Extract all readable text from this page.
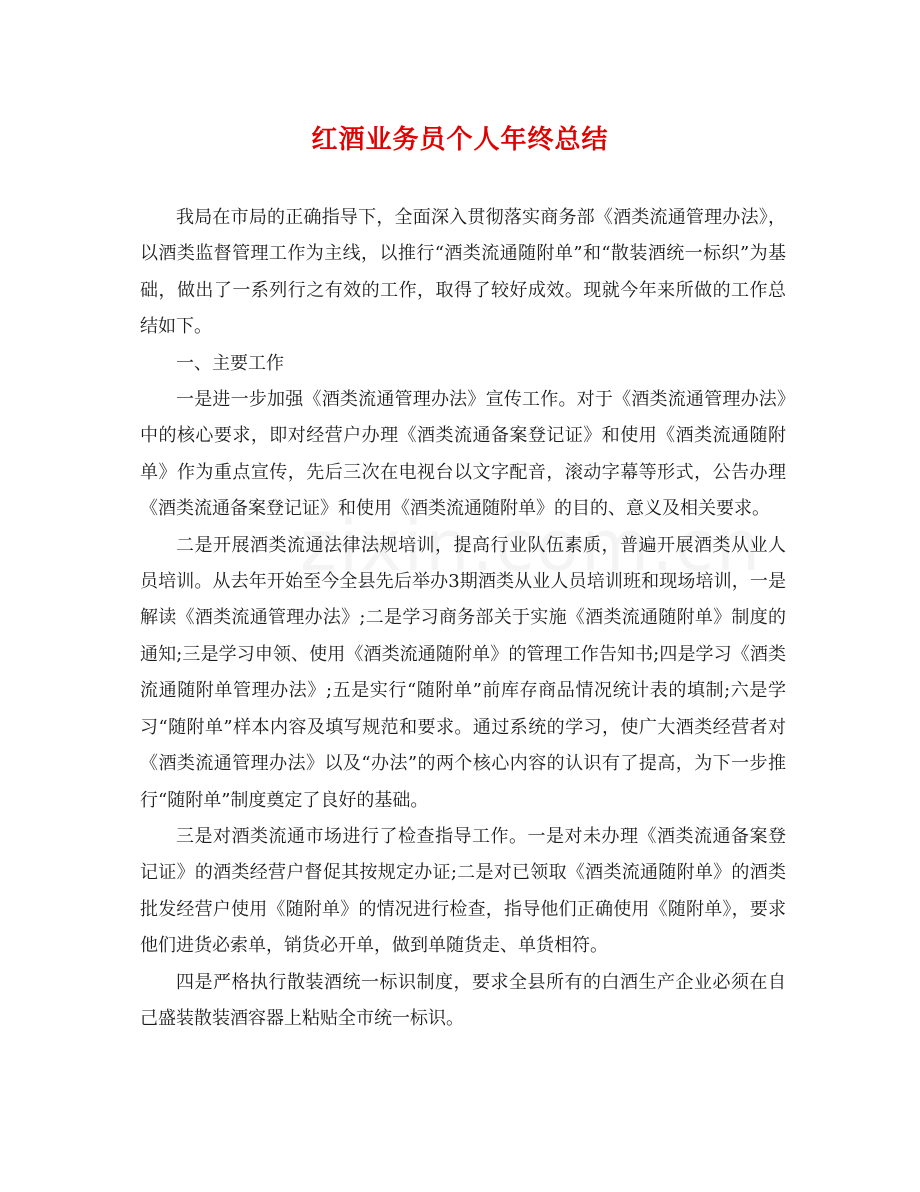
红酒业务员个人年终总结

我局在市局的正确指导下，全面深入贯彻落实商务部《酒类流通管理办法》，以酒类监督管理工作为主线，以推行“酒类流通随附单”和“散装酒统一标织”为基础，做出了一系列行之有效的工作，取得了较好成效。现就今年来所做的工作总结如下。

一、主要工作

一是进一步加强《酒类流通管理办法》宣传工作。对于《酒类流通管理办法》中的核心要求，即对经营户办理《酒类流通备案登记证》和使用《酒类流通随附单》作为重点宣传，先后三次在电视台以文字配音，滚动字幕等形式，公告办理《酒类流通备案登记证》和使用《酒类流通随附单》的目的、意义及相关要求。

二是开展酒类流通法律法规培训，提高行业队伍素质，普遍开展酒类从业人员培训。从去年开始至今全县先后举办3期酒类从业人员培训班和现场培训，一是解读《酒类流通管理办法》;二是学习商务部关于实施《酒类流通随附单》制度的通知;三是学习申领、使用《酒类流通随附单》的管理工作告知书;四是学习《酒类流通随附单管理办法》;五是实行“随附单”前库存商品情况统计表的填制;六是学习“随附单”样本内容及填写规范和要求。通过系统的学习，使广大酒类经营者对《酒类流通管理办法》以及“办法”的两个核心内容的认识有了提高，为下一步推行“随附单”制度奠定了良好的基础。

三是对酒类流通市场进行了检查指导工作。一是对未办理《酒类流通备案登记证》的酒类经营户督促其按规定办证;二是对已领取《酒类流通随附单》的酒类批发经营户使用《随附单》的情况进行检查，指导他们正确使用《随附单》，要求他们进货必索单，销货必开单，做到单随货走、单货相符。

四是严格执行散装酒统一标识制度，要求全县所有的白酒生产企业必须在自己盛装散装酒容器上粘贴全市统一标识。
